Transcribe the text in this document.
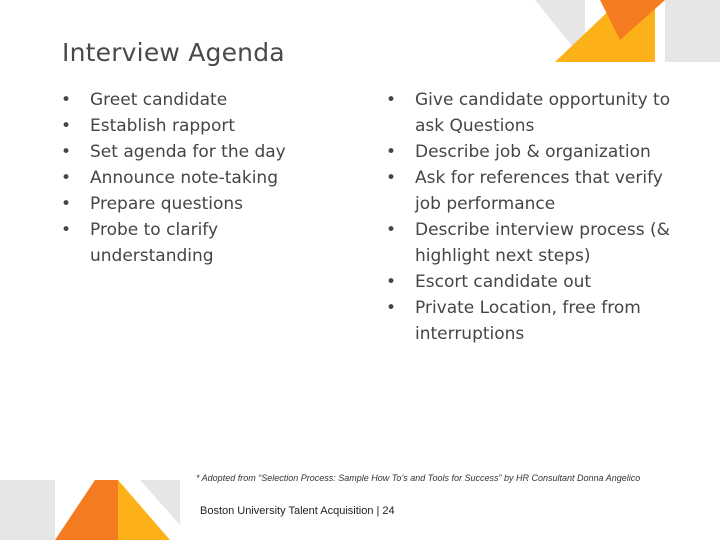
Interview Agenda
•	Greet candidate
•	Establish rapport
•	Set agenda for the day
•	Announce note-taking
•	Prepare questions
•	Probe to clarify understanding
•	Give candidate opportunity to ask Questions
•	Describe job & organization
•	Ask for references that verify job performance
•	Describe interview process (& highlight next steps)
•	Escort candidate out
•	Private Location, free from interruptions
* Adopted from “Selection Process: Sample How To’s and Tools for Success” by HR Consultant Donna Angelico
Boston University Talent Acquisition | 24
